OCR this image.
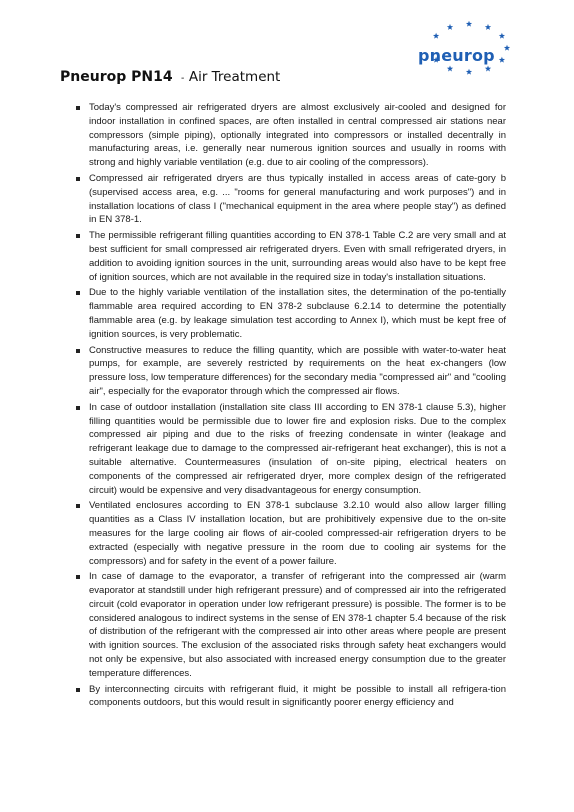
pneurop
Pneurop PN14 - Air Treatment
Today's compressed air refrigerated dryers are almost exclusively air-cooled and designed for indoor installation in confined spaces, are often installed in central compressed air stations near compressors (simple piping), optionally integrated into compressors or installed decentrally in manufacturing areas, i.e. generally near numerous ignition sources and usually in rooms with strong and highly variable ventilation (e.g. due to air cooling of the compressors).
Compressed air refrigerated dryers are thus typically installed in access areas of cate-gory b (supervised access area, e.g. ... "rooms for general manufacturing and work purposes") and in installation locations of class I ("mechanical equipment in the area where people stay") as defined in EN 378-1.
The permissible refrigerant filling quantities according to EN 378-1 Table C.2 are very small and at best sufficient for small compressed air refrigerated dryers. Even with small refrigerated dryers, in addition to avoiding ignition sources in the unit, surrounding areas would also have to be kept free of ignition sources, which are not available in the required size in today's installation situations.
Due to the highly variable ventilation of the installation sites, the determination of the po-tentially flammable area required according to EN 378-2 subclause 6.2.14 to determine the potentially flammable area (e.g. by leakage simulation test according to Annex I), which must be kept free of ignition sources, is very problematic.
Constructive measures to reduce the filling quantity, which are possible with water-to-water heat pumps, for example, are severely restricted by requirements on the heat ex-changers (low pressure loss, low temperature differences) for the secondary media "compressed air" and "cooling air", especially for the evaporator through which the compressed air flows.
In case of outdoor installation (installation site class III according to EN 378-1 clause 5.3), higher filling quantities would be permissible due to lower fire and explosion risks. Due to the complex compressed air piping and due to the risks of freezing condensate in winter (leakage and refrigerant leakage due to damage to the compressed air-refrigerant heat exchanger), this is not a suitable alternative. Countermeasures (insulation of on-site piping, electrical heaters on components of the compressed air refrigerated dryer, more complex design of the refrigerated circuit) would be expensive and very disadvantageous for energy consumption.
Ventilated enclosures according to EN 378-1 subclause 3.2.10 would also allow larger filling quantities as a Class IV installation location, but are prohibitively expensive due to the on-site measures for the large cooling air flows of air-cooled compressed-air refrigeration dryers to be extracted (especially with negative pressure in the room due to cooling air systems for the compressors) and for safety in the event of a power failure.
In case of damage to the evaporator, a transfer of refrigerant into the compressed air (warm evaporator at standstill under high refrigerant pressure) and of compressed air into the refrigerated circuit (cold evaporator in operation under low refrigerant pressure) is possible. The former is to be considered analogous to indirect systems in the sense of EN 378-1 chapter 5.4 because of the risk of distribution of the refrigerant with the compressed air into other areas where people are present with ignition sources. The exclusion of the associated risks through safety heat exchangers would not only be expensive, but also associated with increased energy consumption due to the greater temperature differences.
By interconnecting circuits with refrigerant fluid, it might be possible to install all refrigera-tion components outdoors, but this would result in significantly poorer energy efficiency and
